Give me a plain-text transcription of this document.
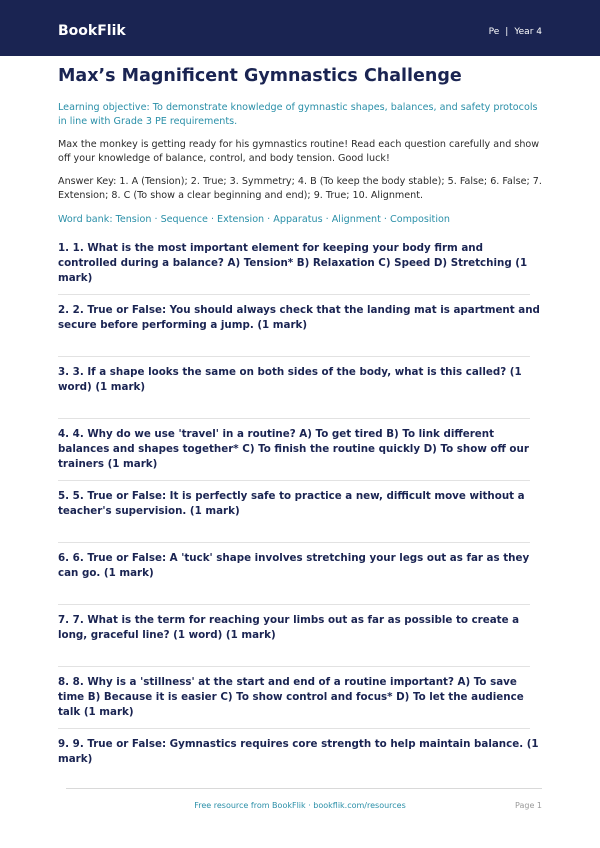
BookFlik	Pe | Year 4
Max’s Magnificent Gymnastics Challenge

Learning objective: To demonstrate knowledge of gymnastic shapes, balances, and safety protocols in line with Grade 3 PE requirements.

Max the monkey is getting ready for his gymnastics routine! Read each question carefully and show off your knowledge of balance, control, and body tension. Good luck!

Answer Key: 1. A (Tension); 2. True; 3. Symmetry; 4. B (To keep the body stable); 5. False; 6. False; 7. Extension; 8. C (To show a clear beginning and end); 9. True; 10. Alignment.

Word bank: Tension · Sequence · Extension · Apparatus · Alignment · Composition

1. 1. What is the most important element for keeping your body firm and controlled during a balance? A) Tension* B) Relaxation C) Speed D) Stretching (1 mark)
2. 2. True or False: You should always check that the landing mat is apartment and secure before performing a jump. (1 mark)
3. 3. If a shape looks the same on both sides of the body, what is this called? (1 word) (1 mark)
4. 4. Why do we use 'travel' in a routine? A) To get tired B) To link different balances and shapes together* C) To finish the routine quickly D) To show off our trainers (1 mark)
5. 5. True or False: It is perfectly safe to practice a new, difficult move without a teacher's supervision. (1 mark)
6. 6. True or False: A 'tuck' shape involves stretching your legs out as far as they can go. (1 mark)
7. 7. What is the term for reaching your limbs out as far as possible to create a long, graceful line? (1 word) (1 mark)
8. 8. Why is a 'stillness' at the start and end of a routine important? A) To save time B) Because it is easier C) To show control and focus* D) To let the audience talk (1 mark)
9. 9. True or False: Gymnastics requires core strength to help maintain balance. (1 mark)
Free resource from BookFlik · bookflik.com/resources	Page 1
